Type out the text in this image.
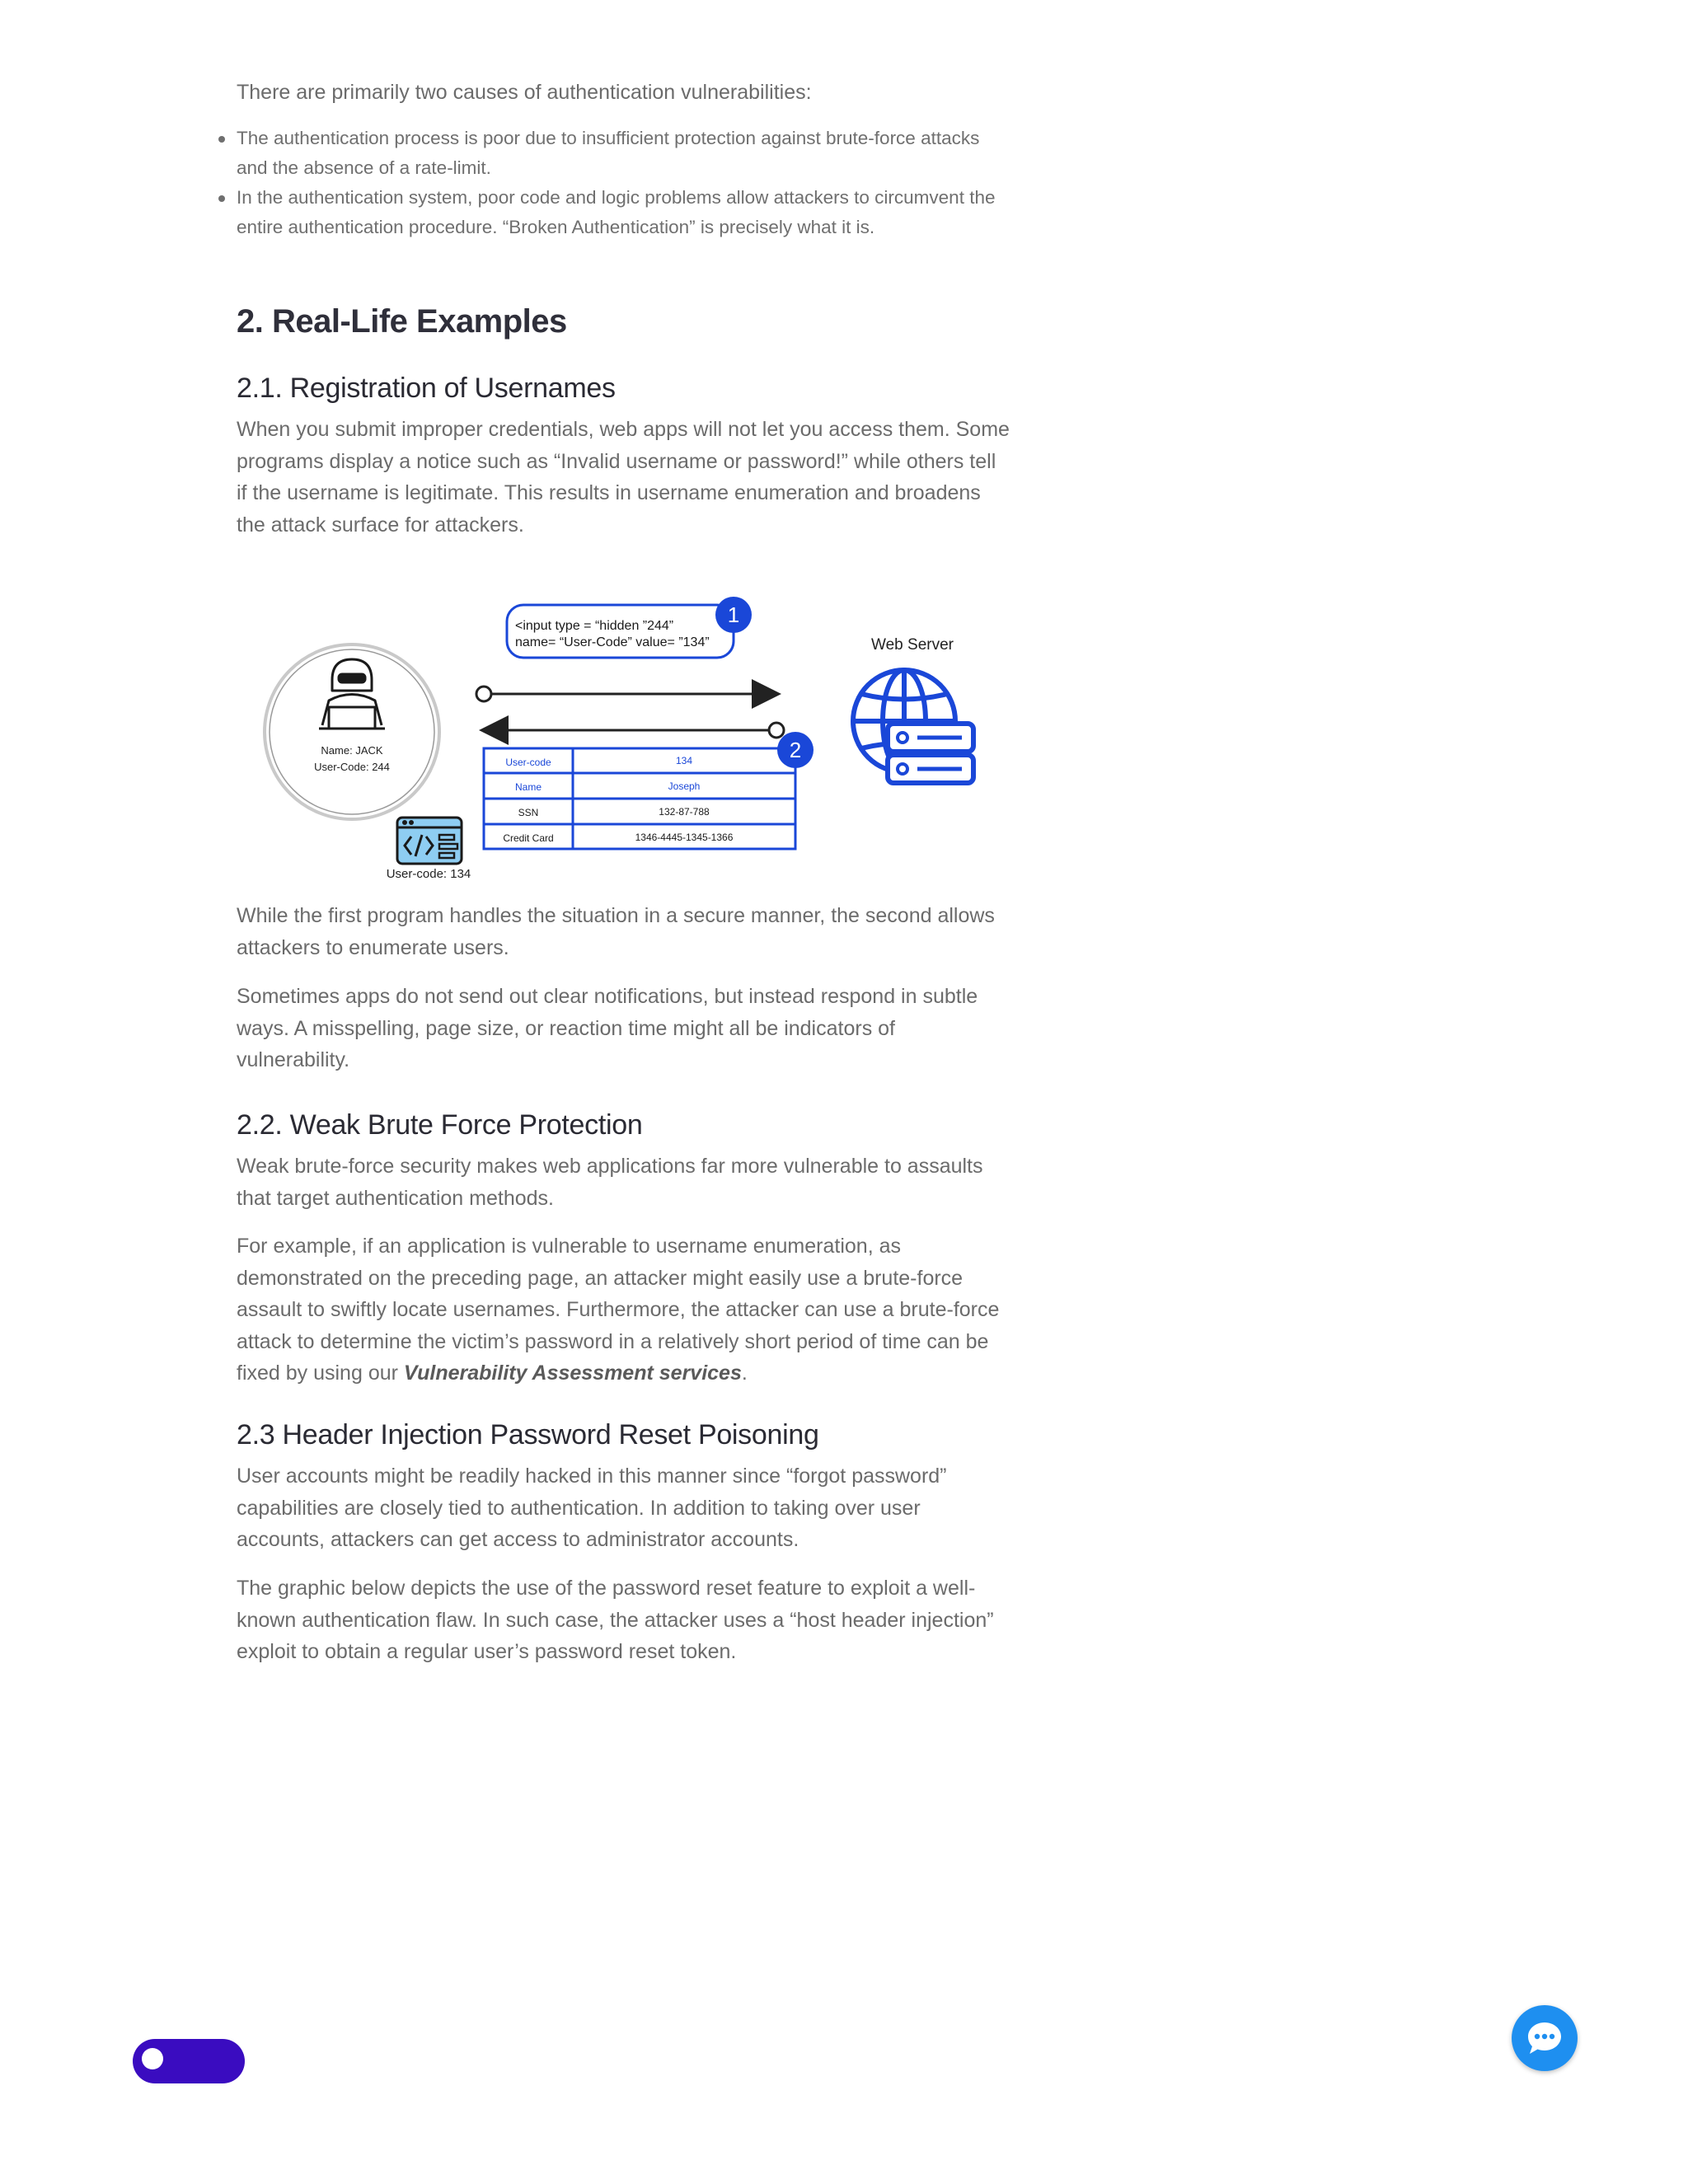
There are primarily two causes of authentication vulnerabilities:

The authentication process is poor due to insufficient protection against brute-force attacks and the absence of a rate-limit.
In the authentication system, poor code and logic problems allow attackers to circumvent the entire authentication procedure. “Broken Authentication” is precisely what it is.
2. Real-Life Examples
2.1. Registration of Usernames

When you submit improper credentials, web apps will not let you access them. Some programs display a notice such as “Invalid username or password!” while others tell if the username is legitimate. This results in username enumeration and broadens the attack surface for attackers.

Name: JACK
User-Code: 244
User-code: 134
<input type = “hidden ”244”
name= “User-Code” value= ”134”
1
User-code	134
Name	Joseph
SSN	132-87-788
Credit Card	1346-4445-1345-1366
2
Web Server

While the first program handles the situation in a secure manner, the second allows attackers to enumerate users.

Sometimes apps do not send out clear notifications, but instead respond in subtle ways. A misspelling, page size, or reaction time might all be indicators of vulnerability.

2.2. Weak Brute Force Protection

Weak brute-force security makes web applications far more vulnerable to assaults that target authentication methods.

For example, if an application is vulnerable to username enumeration, as demonstrated on the preceding page, an attacker might easily use a brute-force assault to swiftly locate usernames. Furthermore, the attacker can use a brute-force attack to determine the victim’s password in a relatively short period of time can be fixed by using our Vulnerability Assessment services.

2.3 Header Injection Password Reset Poisoning

User accounts might be readily hacked in this manner since “forgot password” capabilities are closely tied to authentication. In addition to taking over user accounts, attackers can get access to administrator accounts.

The graphic below depicts the use of the password reset feature to exploit a well-known authentication flaw. In such case, the attacker uses a “host header injection” exploit to obtain a regular user’s password reset token.
